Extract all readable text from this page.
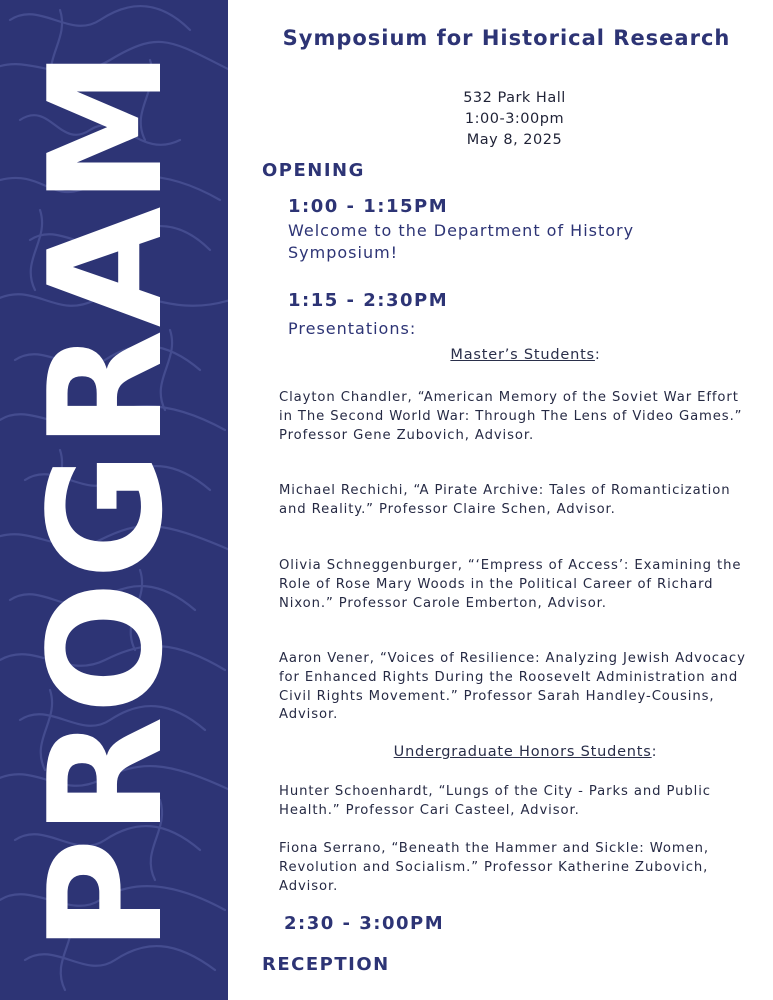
PROGRAM
Symposium for Historical Research
532 Park Hall
1:00-3:00pm
May 8, 2025
OPENING
1:00 - 1:15PM
Welcome to the Department of History Symposium!
1:15 - 2:30PM
Presentations:
Master’s Students:
Clayton Chandler, “American Memory of the Soviet War Effort in The Second World War: Through The Lens of Video Games.” Professor Gene Zubovich, Advisor.
Michael Rechichi, “A Pirate Archive: Tales of Romanticization and Reality.” Professor Claire Schen, Advisor.
Olivia Schneggenburger, “‘Empress of Access’: Examining the Role of Rose Mary Woods in the Political Career of Richard Nixon.” Professor Carole Emberton, Advisor.
Aaron Vener, “Voices of Resilience: Analyzing Jewish Advocacy for Enhanced Rights During the Roosevelt Administration and Civil Rights Movement.” Professor Sarah Handley-Cousins, Advisor.
Undergraduate Honors Students:
Hunter Schoenhardt, “Lungs of the City - Parks and Public Health.” Professor Cari Casteel, Advisor.
Fiona Serrano, “Beneath the Hammer and Sickle: Women, Revolution and Socialism.” Professor Katherine Zubovich, Advisor.
2:30 - 3:00PM
RECEPTION
